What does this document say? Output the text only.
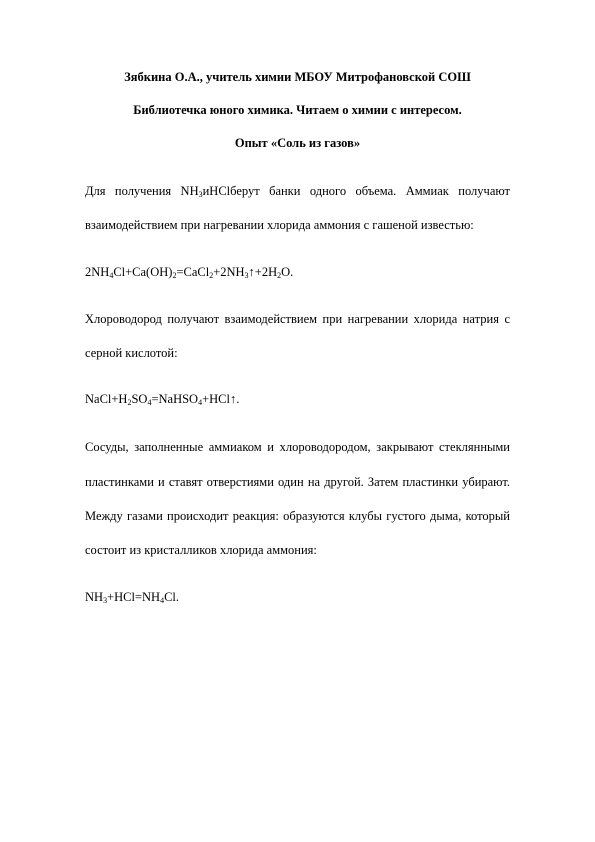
Зябкина О.А., учитель химии МБОУ Митрофановской СОШ
Библиотечка юного химика. Читаем о химии с интересом.
Опыт «Соль из газов»
Для получения $NH_3иHClберут$ банки одного объема. Аммиак получают
взаимодействием при нагревании хлорида аммония с гашеной известью:
$2NH_4Cl+Ca(OH)_2=CaCl_2+2NH_3↑+2H_2O$.
Хлороводород получают взаимодействием при нагревании хлорида натрия с
серной кислотой:
$NaCl+H_2SO_4=NaHSO_4+HCl↑$.
Сосуды, заполненные аммиаком и хлороводородом, закрывают стеклянными
пластинками и ставят отверстиями один на другой. Затем пластинки убирают.
Между газами происходит реакция: образуются клубы густого дыма, который
состоит из кристалликов хлорида аммония:
$NH_3+HCl=NH_4Cl$.
